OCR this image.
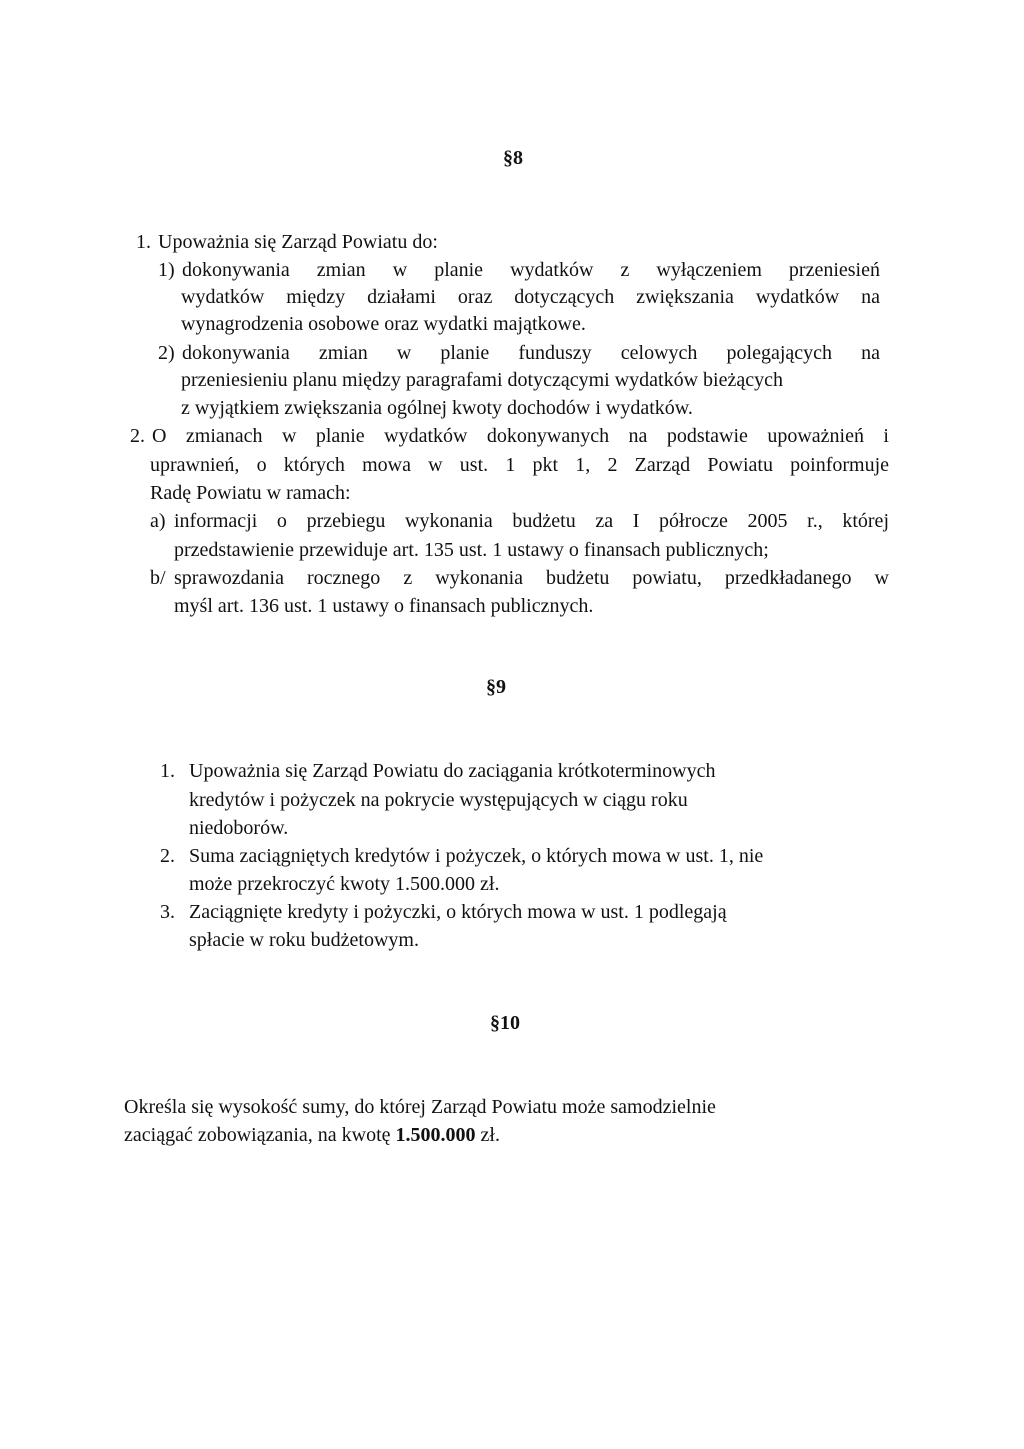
§8
1. Upoważnia się Zarząd Powiatu do:
1) dokonywania zmian w planie wydatków z wyłączeniem przeniesień
wydatków między działami oraz dotyczących zwiększania wydatków na
wynagrodzenia osobowe oraz wydatki majątkowe.
2) dokonywania zmian w planie funduszy celowych polegających na
przeniesieniu planu między paragrafami dotyczącymi wydatków bieżących
z wyjątkiem zwiększania ogólnej kwoty dochodów i wydatków.
2. O zmianach w planie wydatków dokonywanych na podstawie upoważnień i
uprawnień, o których mowa w ust. 1 pkt 1, 2 Zarząd Powiatu poinformuje
Radę Powiatu w ramach:
a) informacji o przebiegu wykonania budżetu za I półrocze 2005 r., której
przedstawienie przewiduje art. 135 ust. 1 ustawy o finansach publicznych;
b/ sprawozdania rocznego z wykonania budżetu powiatu, przedkładanego w
myśl art. 136 ust. 1 ustawy o finansach publicznych.
§9
1. Upoważnia się Zarząd Powiatu do zaciągania krótkoterminowych
kredytów i pożyczek na pokrycie występujących w ciągu roku
niedoborów.
2. Suma zaciągniętych kredytów i pożyczek, o których mowa w ust. 1, nie
może przekroczyć kwoty 1.500.000 zł.
3. Zaciągnięte kredyty i pożyczki, o których mowa w ust. 1 podlegają
spłacie w roku budżetowym.
§10
Określa się wysokość sumy, do której Zarząd Powiatu może samodzielnie
zaciągać zobowiązania, na kwotę 1.500.000 zł.
